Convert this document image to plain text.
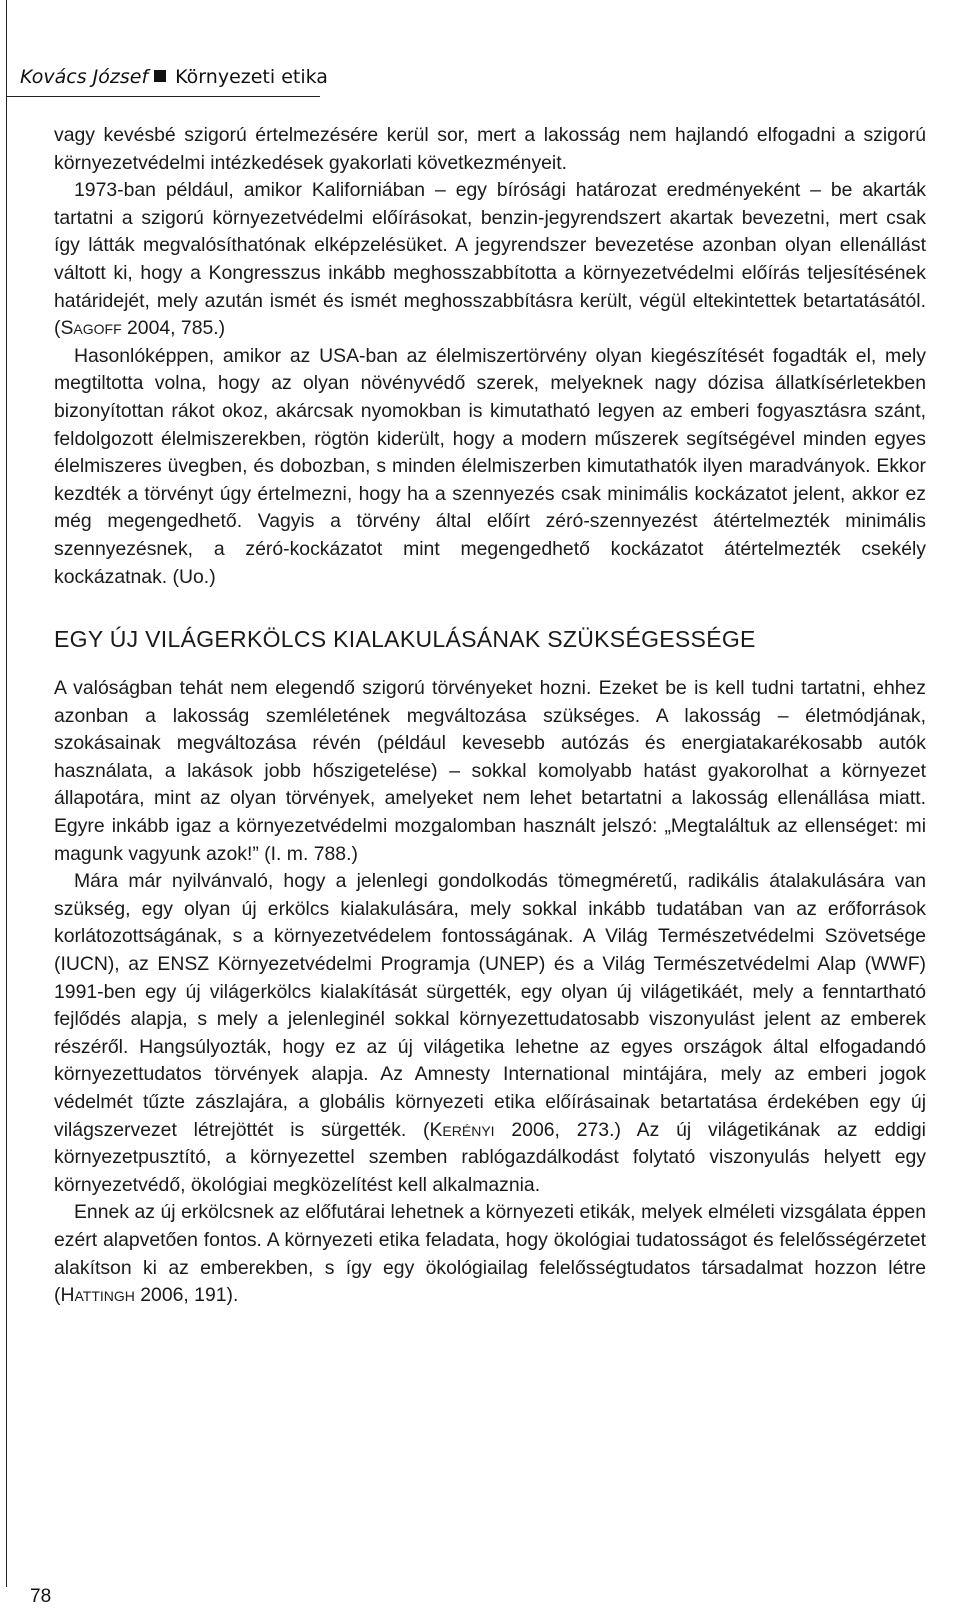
Kovács József Környezeti etika

vagy kevésbé szigorú értelmezésére kerül sor, mert a lakosság nem hajlandó elfogadni a szigorú környezetvédelmi intézkedések gyakorlati következményeit.

1973-ban például, amikor Kaliforniában – egy bírósági határozat eredményeként – be akarták tartatni a szigorú környezetvédelmi előírásokat, benzin-jegyrendszert akartak bevezetni, mert csak így látták megvalósíthatónak elképzelésüket. A jegyrendszer bevezetése azonban olyan ellenállást váltott ki, hogy a Kongresszus inkább meghosszabbította a környezetvédelmi előírás teljesítésének határidejét, mely azután ismét és ismét meghosszabbításra került, végül eltekintettek betartatásától. (Sagoff 2004, 785.)

Hasonlóképpen, amikor az USA-ban az élelmiszertörvény olyan kiegészítését fogadták el, mely megtiltotta volna, hogy az olyan növényvédő szerek, melyeknek nagy dózisa állatkísérletekben bizonyítottan rákot okoz, akárcsak nyomokban is kimutatható legyen az emberi fogyasztásra szánt, feldolgozott élelmiszerekben, rögtön kiderült, hogy a modern műszerek segítségével minden egyes élelmiszeres üvegben, és dobozban, s minden élelmiszerben kimutathatók ilyen maradványok. Ekkor kezdték a törvényt úgy értelmezni, hogy ha a szennyezés csak minimális kockázatot jelent, akkor ez még megengedhető. Vagyis a törvény által előírt zéró-szennyezést átértelmezték minimális szennyezésnek, a zéró-kockázatot mint megengedhető kockázatot átértelmezték csekély kockázatnak. (Uo.)

EGY ÚJ VILÁGERKÖLCS KIALAKULÁSÁNAK SZÜKSÉGESSÉGE

A valóságban tehát nem elegendő szigorú törvényeket hozni. Ezeket be is kell tudni tartatni, ehhez azonban a lakosság szemléletének megváltozása szükséges. A lakosság – életmódjának, szokásainak megváltozása révén (például kevesebb autózás és energiatakarékosabb autók használata, a lakások jobb hőszigetelése) – sokkal komolyabb hatást gyakorolhat a környezet állapotára, mint az olyan törvények, amelyeket nem lehet betartatni a lakosság ellenállása miatt. Egyre inkább igaz a környezetvédelmi mozgalomban használt jelszó: „Megtaláltuk az ellenséget: mi magunk vagyunk azok!” (I. m. 788.)

Mára már nyilvánvaló, hogy a jelenlegi gondolkodás tömegméretű, radikális átalakulására van szükség, egy olyan új erkölcs kialakulására, mely sokkal inkább tudatában van az erőforrások korlátozottságának, s a környezetvédelem fontosságának. A Világ Természetvédelmi Szövetsége (IUCN), az ENSZ Környezetvédelmi Programja (UNEP) és a Világ Természetvédelmi Alap (WWF) 1991-ben egy új világerkölcs kialakítását sürgették, egy olyan új világetikáét, mely a fenntartható fejlődés alapja, s mely a jelenleginél sokkal környezettudatosabb viszonyulást jelent az emberek részéről. Hangsúlyozták, hogy ez az új világetika lehetne az egyes országok által elfogadandó környezettudatos törvények alapja. Az Amnesty International mintájára, mely az emberi jogok védelmét tűzte zászlajára, a globális környezeti etika előírásainak betartatása érdekében egy új világszervezet létrejöttét is sürgették. (Kerényi 2006, 273.) Az új világetikának az eddigi környezetpusztító, a környezettel szemben rablógazdálkodást folytató viszonyulás helyett egy környezetvédő, ökológiai megközelítést kell alkalmaznia.

Ennek az új erkölcsnek az előfutárai lehetnek a környezeti etikák, melyek elméleti vizsgálata éppen ezért alapvetően fontos. A környezeti etika feladata, hogy ökológiai tudatosságot és felelősségérzetet alakítson ki az emberekben, s így egy ökológiailag felelősségtudatos társadalmat hozzon létre (Hattingh 2006, 191).

78
